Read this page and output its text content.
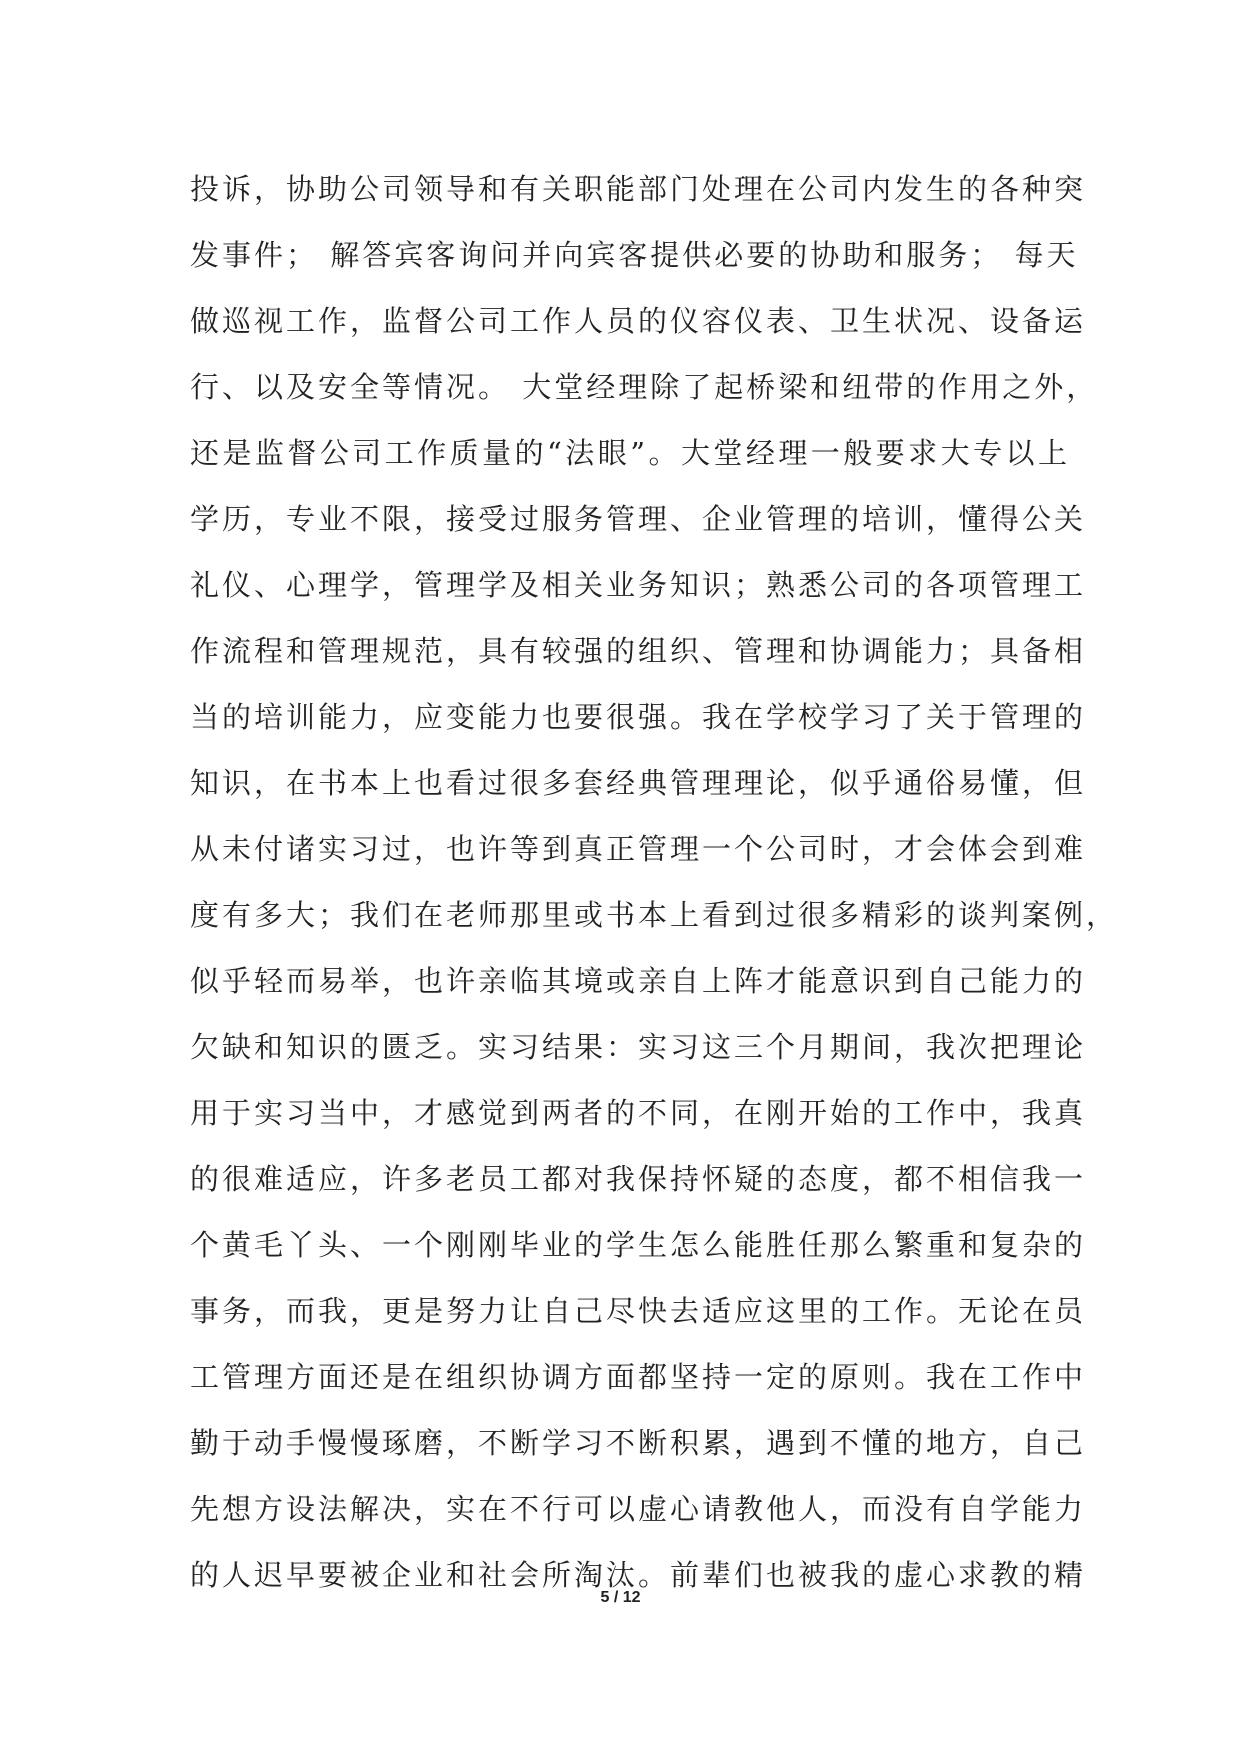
投诉，协助公司领导和有关职能部门处理在公司内发生的各种突
发事件； 解答宾客询问并向宾客提供必要的协助和服务； 每天
做巡视工作，监督公司工作人员的仪容仪表、卫生状况、设备运
行、以及安全等情况。 大堂经理除了起桥梁和纽带的作用之外，
还是监督公司工作质量的“法眼”。大堂经理一般要求大专以上
学历，专业不限，接受过服务管理、企业管理的培训，懂得公关
礼仪、心理学，管理学及相关业务知识；熟悉公司的各项管理工
作流程和管理规范，具有较强的组织、管理和协调能力；具备相
当的培训能力，应变能力也要很强。我在学校学习了关于管理的
知识，在书本上也看过很多套经典管理理论，似乎通俗易懂，但
从未付诸实习过，也许等到真正管理一个公司时，才会体会到难
度有多大；我们在老师那里或书本上看到过很多精彩的谈判案例，
似乎轻而易举，也许亲临其境或亲自上阵才能意识到自己能力的
欠缺和知识的匮乏。实习结果：实习这三个月期间，我次把理论
用于实习当中，才感觉到两者的不同，在刚开始的工作中，我真
的很难适应，许多老员工都对我保持怀疑的态度，都不相信我一
个黄毛丫头、一个刚刚毕业的学生怎么能胜任那么繁重和复杂的
事务，而我，更是努力让自己尽快去适应这里的工作。无论在员
工管理方面还是在组织协调方面都坚持一定的原则。我在工作中
勤于动手慢慢琢磨，不断学习不断积累，遇到不懂的地方，自己
先想方设法解决，实在不行可以虚心请教他人，而没有自学能力
的人迟早要被企业和社会所淘汰。前辈们也被我的虚心求教的精
5 / 12
